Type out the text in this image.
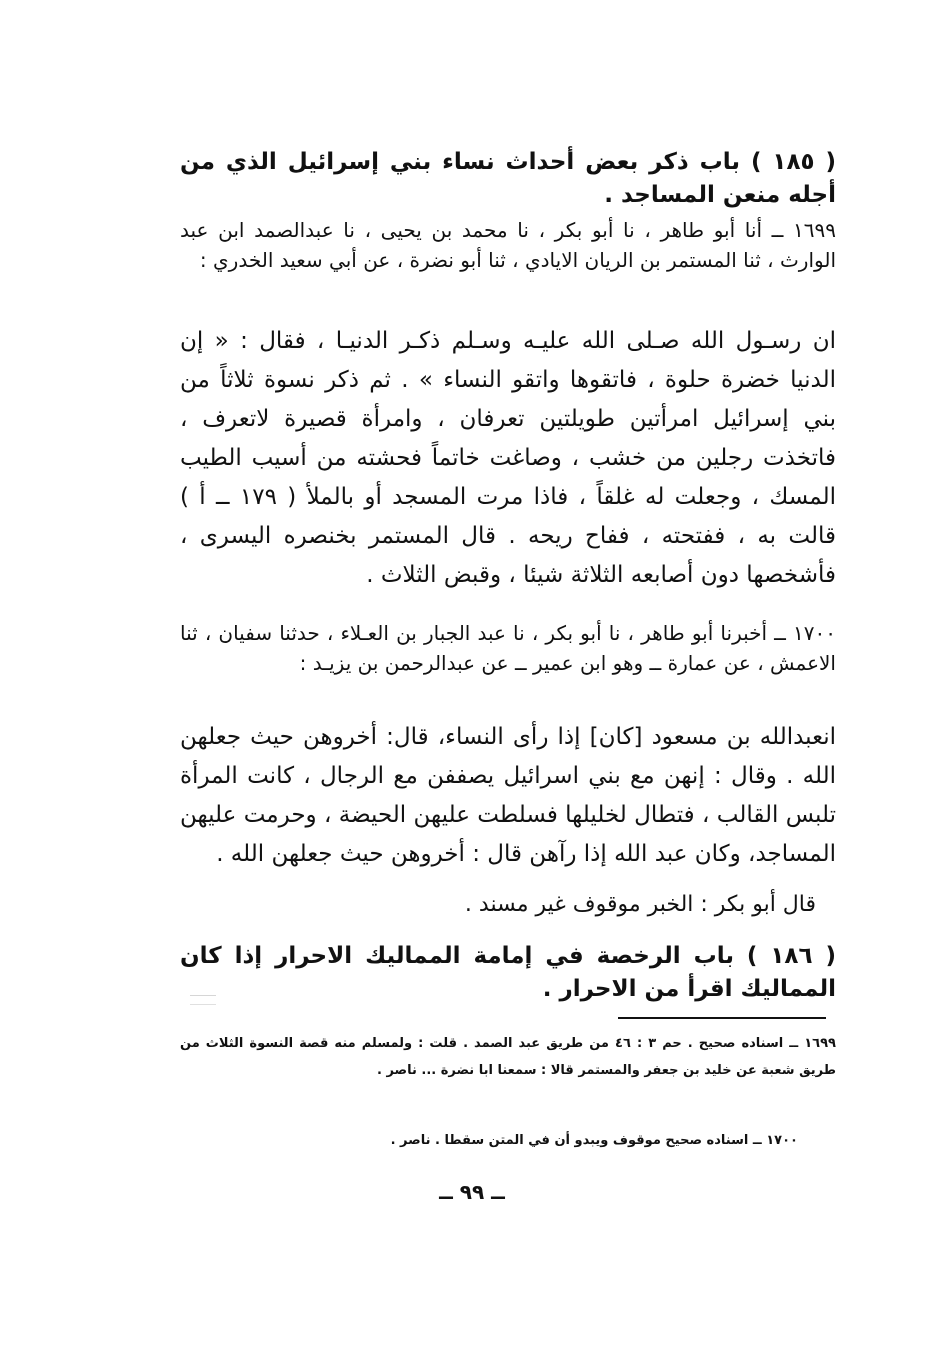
( ١٨٥ ) باب ذكر بعض أحداث نساء بني إسرائيل الذي من أجله منعن المساجد .
١٦٩٩ ــ أنا أبو طاهر ، نا أبو بكر ، نا محمد بن يحيى ، نا عبدالصمد ابن عبد الوارث ، ثنا المستمر بن الريان الايادي ، ثنا أبو نضرة ، عن أبي سعيد الخدري :
ان رسـول الله صـلى الله عليـه وسـلم ذكـر الدنيـا ، فقال : « إن الدنيا خضرة حلوة ، فاتقوها واتقو النساء » . ثم ذكر نسوة ثلاثاً من بني إسرائيل امرأتين طويلتين تعرفان ، وامرأة قصيرة لاتعرف ، فاتخذت رجلين من خشب ، وصاغت خاتماً فحشته من أسيب الطيب المسك ، وجعلت له غلقاً ، فاذا مرت المسجد أو بالملأ ( ١٧٩ ــ أ ) قالت به ، ففتحته ، ففاح ريحه . قال المستمر بخنصره اليسرى ، فأشخصها دون أصابعه الثلاثة شيئا ، وقبض الثلاث .
١٧٠٠ ــ أخبرنا أبو طاهر ، نا أبو بكر ، نا عبد الجبار بن العـلاء ، حدثنا سفيان ، ثنا الاعمش ، عن عمارة ــ وهو ابن عمير ــ عن عبدالرحمن بن يزيـد :
انعبدالله بن مسعود [كان] إذا رأى النساء، قال: أخروهن حيث جعلهن الله . وقال : إنهن مع بني اسرائيل يصففن مع الرجال ، كانت المرأة تلبس القالب ، فتطال لخليلها فسلطت عليهن الحيضة ، وحرمت عليهن المساجد، وكان عبد الله إذا رآهن قال : أخروهن حيث جعلهن الله .
قال أبو بكر : الخبر موقوف غير مسند .
( ١٨٦ ) باب الرخصة في إمامة المماليك الاحرار إذا كان المماليك اقرأ من الاحرار .
١٦٩٩ ــ اسناده صحيح . حم ٣ : ٤٦ من طريق عبد الصمد . قلت : ولمسلم منه قصة النسوة الثلاث من طريق شعبة عن خليد بن جعفر والمستمر قالا : سمعنا ابا نضرة ... ناصر .
١٧٠٠ ــ اسناده صحيح موقوف ويبدو أن في المتن سقطا . ناصر .
ــ ٩٩ ــ
